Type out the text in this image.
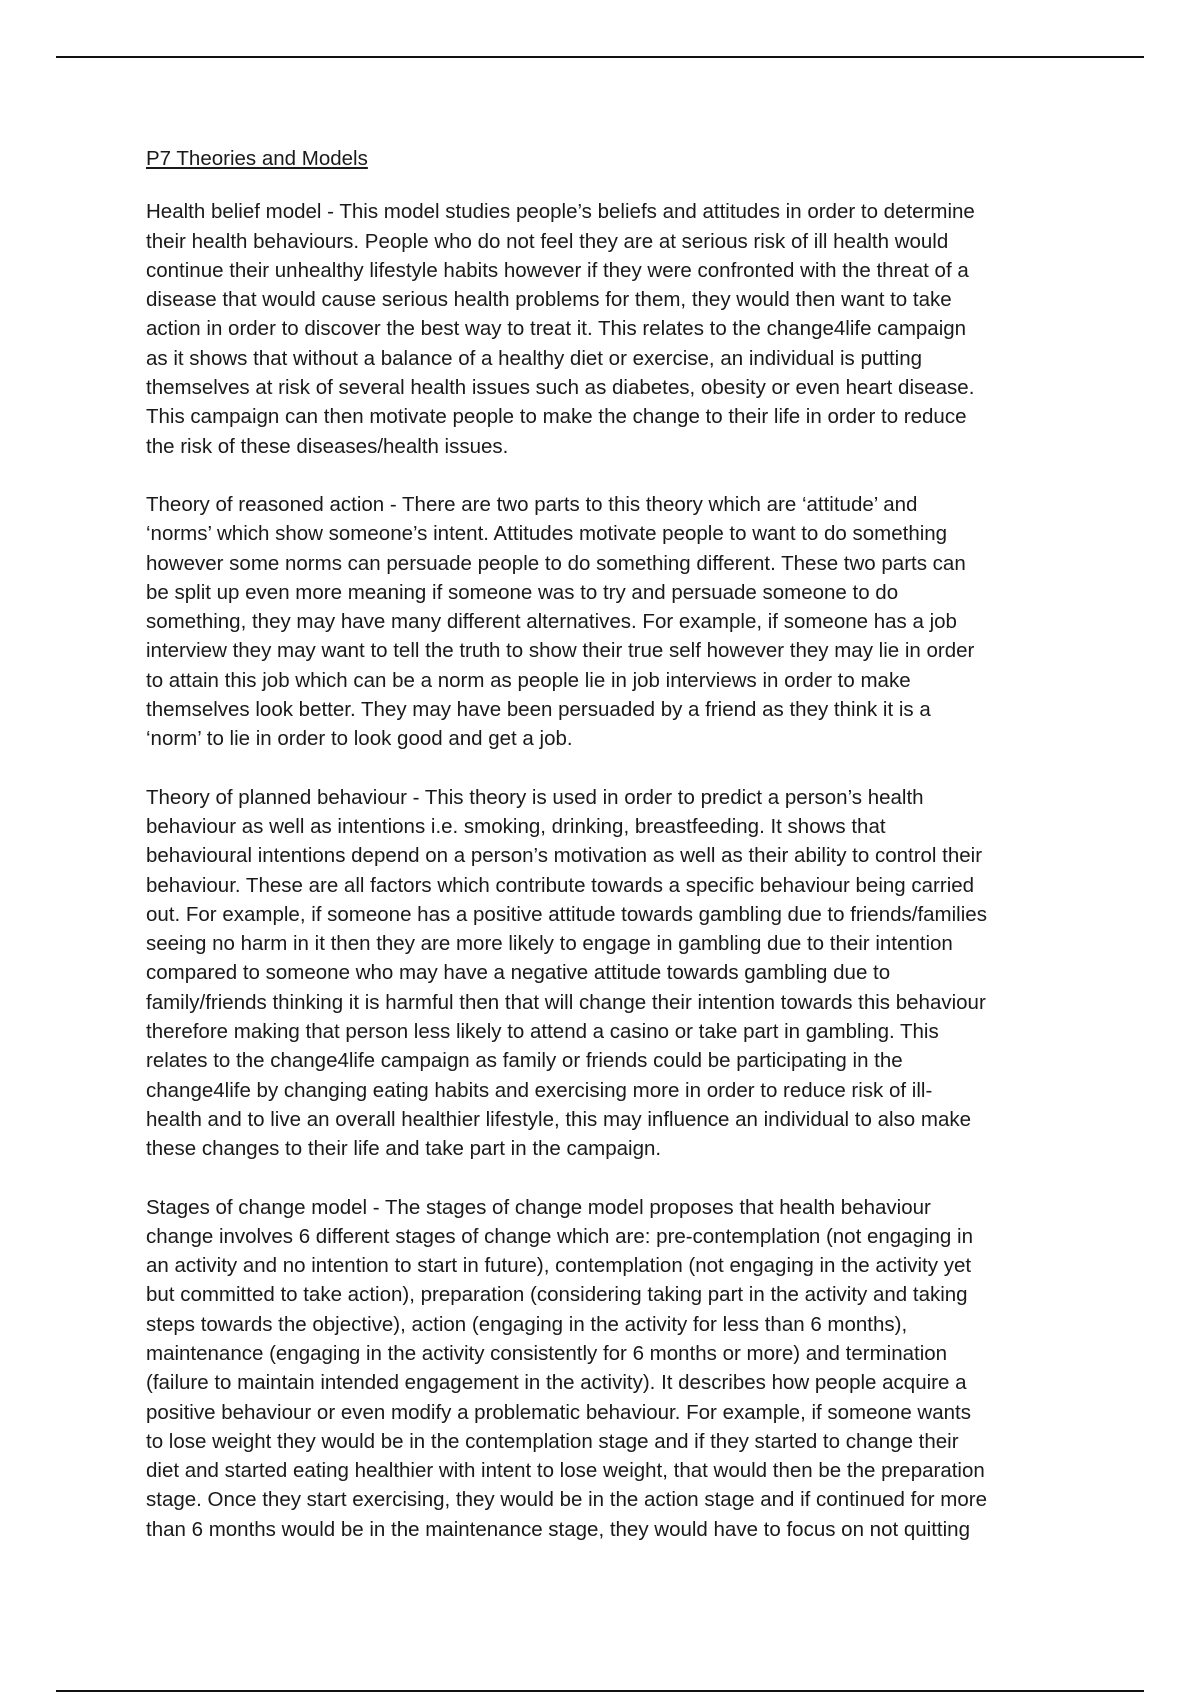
P7 Theories and Models

Health belief model - This model studies people’s beliefs and attitudes in order to determine
their health behaviours. People who do not feel they are at serious risk of ill health would
continue their unhealthy lifestyle habits however if they were confronted with the threat of a
disease that would cause serious health problems for them, they would then want to take
action in order to discover the best way to treat it. This relates to the change4life campaign
as it shows that without a balance of a healthy diet or exercise, an individual is putting
themselves at risk of several health issues such as diabetes, obesity or even heart disease.
This campaign can then motivate people to make the change to their life in order to reduce
the risk of these diseases/health issues.

Theory of reasoned action - There are two parts to this theory which are ‘attitude’ and
‘norms’ which show someone’s intent. Attitudes motivate people to want to do something
however some norms can persuade people to do something different. These two parts can
be split up even more meaning if someone was to try and persuade someone to do
something, they may have many different alternatives. For example, if someone has a job
interview they may want to tell the truth to show their true self however they may lie in order
to attain this job which can be a norm as people lie in job interviews in order to make
themselves look better. They may have been persuaded by a friend as they think it is a
‘norm’ to lie in order to look good and get a job.

Theory of planned behaviour - This theory is used in order to predict a person’s health
behaviour as well as intentions i.e. smoking, drinking, breastfeeding. It shows that
behavioural intentions depend on a person’s motivation as well as their ability to control their
behaviour. These are all factors which contribute towards a specific behaviour being carried
out. For example, if someone has a positive attitude towards gambling due to friends/families
seeing no harm in it then they are more likely to engage in gambling due to their intention
compared to someone who may have a negative attitude towards gambling due to
family/friends thinking it is harmful then that will change their intention towards this behaviour
therefore making that person less likely to attend a casino or take part in gambling. This
relates to the change4life campaign as family or friends could be participating in the
change4life by changing eating habits and exercising more in order to reduce risk of ill-
health and to live an overall healthier lifestyle, this may influence an individual to also make
these changes to their life and take part in the campaign.

Stages of change model - The stages of change model proposes that health behaviour
change involves 6 different stages of change which are: pre-contemplation (not engaging in
an activity and no intention to start in future), contemplation (not engaging in the activity yet
but committed to take action), preparation (considering taking part in the activity and taking
steps towards the objective), action (engaging in the activity for less than 6 months),
maintenance (engaging in the activity consistently for 6 months or more) and termination
(failure to maintain intended engagement in the activity). It describes how people acquire a
positive behaviour or even modify a problematic behaviour. For example, if someone wants
to lose weight they would be in the contemplation stage and if they started to change their
diet and started eating healthier with intent to lose weight, that would then be the preparation
stage. Once they start exercising, they would be in the action stage and if continued for more
than 6 months would be in the maintenance stage, they would have to focus on not quitting
